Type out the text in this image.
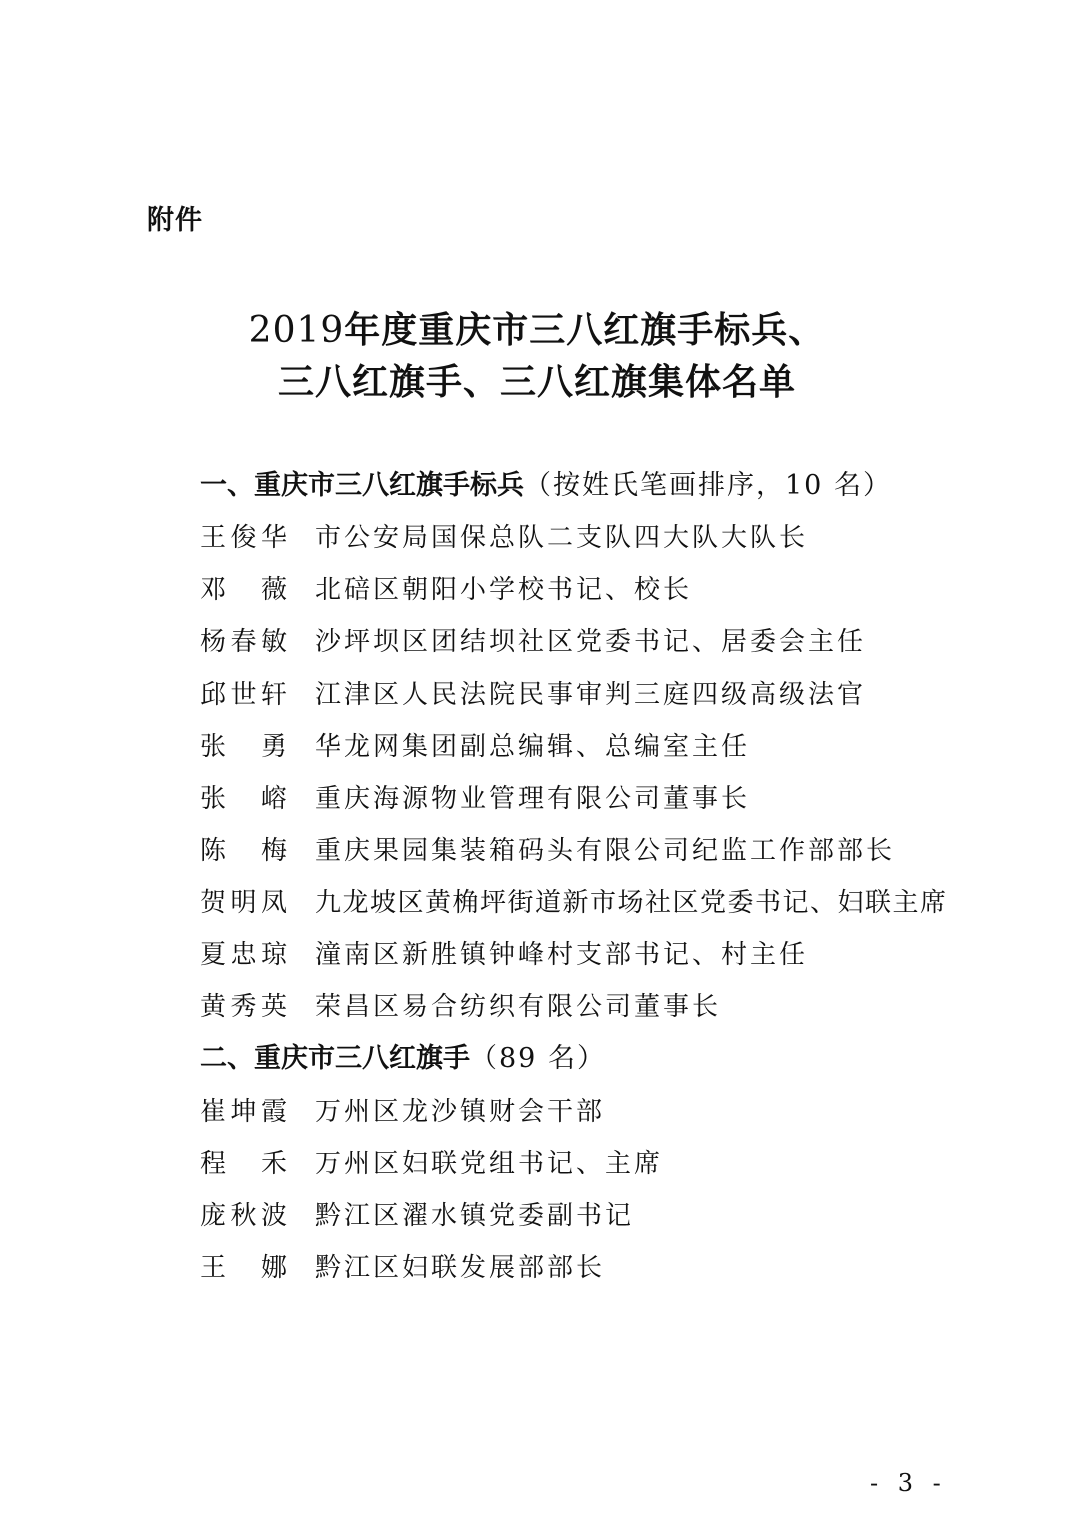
附件
2019年度重庆市三八红旗手标兵、
三八红旗手、三八红旗集体名单
一、重庆市三八红旗手标兵（按姓氏笔画排序，10 名）
王俊华 市公安局国保总队二支队四大队大队长
邓　薇 北碚区朝阳小学校书记、校长
杨春敏 沙坪坝区团结坝社区党委书记、居委会主任
邱世轩 江津区人民法院民事审判三庭四级高级法官
张　勇 华龙网集团副总编辑、总编室主任
张　嵱 重庆海源物业管理有限公司董事长
陈　梅 重庆果园集装箱码头有限公司纪监工作部部长
贺明凤 九龙坡区黄桷坪街道新市场社区党委书记、妇联主席
夏忠琼 潼南区新胜镇钟峰村支部书记、村主任
黄秀英 荣昌区易合纺织有限公司董事长
二、重庆市三八红旗手（89 名）
崔坤霞 万州区龙沙镇财会干部
程　禾 万州区妇联党组书记、主席
庞秋波 黔江区濯水镇党委副书记
王　娜 黔江区妇联发展部部长
- 3 -
